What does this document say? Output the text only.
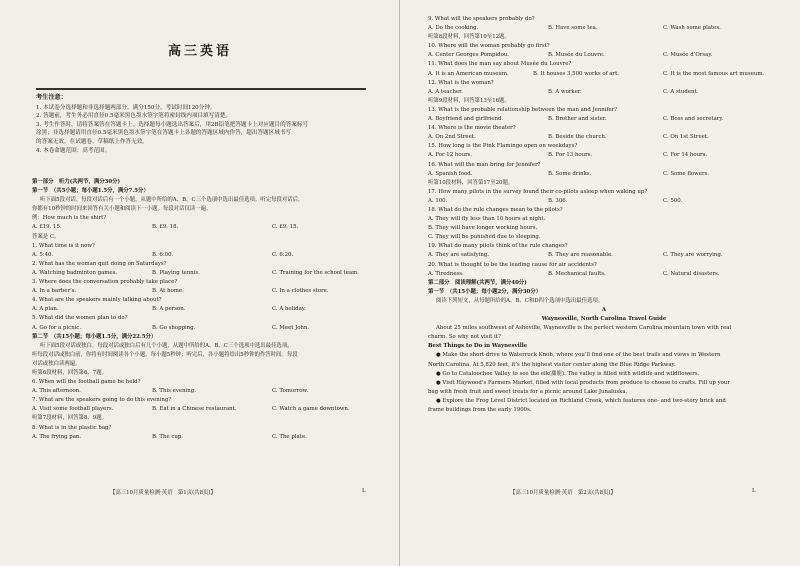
高三英语
考生注意：

1. 本试卷分选择题和非选择题两部分。满分150分，考试时间120分钟。

2. 答题前，考生务必用直径0.5毫米黑色墨水签字笔将密封线内项目填写清楚。

3. 考生作答时，请将答案答在答题卡上。选择题每小题选出答案后，用2B铅笔把答题卡上对应题目的答案标号

涂黑；非选择题请用直径0.5毫米黑色墨水签字笔在答题卡上各题的答题区域内作答，超出答题区域书写

的答案无效，在试题卷、草稿纸上作答无效。

4. 本卷命题范围：高考范围。

第一部分　听力(共两节，满分30分)

第一节　（共5小题；每小题1.5分，满分7.5分）

听下面5段对话。每段对话后有一个小题，从题中所给的A、B、C三个选项中选出最佳选项。听完每段对话后，

你都有10秒钟的时间来回答有关小题和阅读下一小题。每段对话仅读一遍。

例：How much is the shirt?

A. £19. 15.	B. £9. 18.	C. £9. 15.

答案是 C。

1. What time is it now?

A. 5:40.	B. 6:00.	C. 6:20.

2. What has the woman quit doing on Saturdays?

A. Watching badminton games.	B. Playing tennis.	C. Training for the school team.

3. Where does the conversation probably take place?

A. In a barber’s.	B. At home.	C. In a clothes store.

4. What are the speakers mainly talking about?

A. A plan.	B. A person.	C. A holiday.

5. What did the women plan to do?

A. Go for a picnic.	B. Go shopping.	C. Meet John.

第二节　（共15小题；每小题1.5分，满分22.5分）

听下面5段对话或独白。每段对话或独白后有几个小题，从题中所给的A、B、C三个选项中选出最佳选项。

听每段对话或独白前，你将有时间阅读各个小题，每小题5秒钟；听完后，各小题将给出5秒钟的作答时间。每段

对话或独白读两遍。

听第6段材料，回答第6、7题。

6. When will the football game be held?

A. This afternoon.	B. This evening.	C. Tomorrow.

7. What are the speakers going to do this evening?

A. Visit some football players.	B. Eat in a Chinese restaurant.	C. Watch a game downtown.

听第7段材料，回答第8、9题。

8. What is in the plastic bag?

A. The frying pan.	B. The cup.	C. The plate.
【高三10月质量检测·英语　第1页(共8页)】	L

9. What will the speakers probably do?

A. Do the cooking.	B. Have some tea.	C. Wash some plates.

听第8段材料，回答第10至12题。

10. Where will the woman probably go first?

A. Center Georges Pompidou.	B. Musée du Louvre.	C. Musée d’Orsay.

11. What does the man say about Musée du Louvre?

A. It is an American museum.	B. It houses 3,500 works of art.	C. It is the most famous art museum.

12. What is the woman?

A. A teacher.	B. A worker.	C. A student.

听第9段材料，回答第13至16题。

13. What is the probable relationship between the man and Jennifer?

A. Boyfriend and girlfriend.	B. Brother and sister.	C. Boss and secretary.

14. Where is the movie theater?

A. On 2nd Street.	B. Beside the church.	C. On 1st Street.

15. How long is the Pink Flamingo open on weekdays?

A. For 12 hours.	B. For 13 hours.	C. For 14 hours.

16. What will the man bring for Jennifer?

A. Spanish food.	B. Some drinks.	C. Some flowers.

听第10段材料，回答第17至20题。

17. How many pilots in the survey found their co-pilots asleep when waking up?

A. 100.	B. 306.	C. 500.

18. What do the rule changes mean to the pilots?

A. They will fly less than 10 hours at night.

B. They will have longer working hours.

C. They will be punished due to sleeping.

19. What do many pilots think of the rule changes?

A. They are satisfying.	B. They are reasonable.	C. They are worrying.

20. What is thought to be the leading cause for air accidents?

A. Tiredness.	B. Mechanical faults.	C. Natural disasters.

第二部分　阅读理解(共两节，满分40分)

第一节　（共15小题；每小题2分，满分30分）

阅读下列短文，从每题所给的A、B、C和D四个选项中选出最佳选项。

A

Waynesville, North Carolina Travel Guide

About 25 miles southwest of Asheville, Waynesville is the perfect western Carolina mountain town with real

charm. So why not visit it?

Best Things to Do in Waynesville

● Make the short drive to Waterrock Knob, where you’ll find one of the best trails and views in Western

North Carolina. At 5,820 feet, it’s the highest visitor center along the Blue Ridge Parkway.

● Go to Cataloochee Valley to see the elk(麋鹿). The valley is filled with wildlife and wildflowers.

● Visit Haywood’s Farmers Market, filled with local products from produce to choose to crafts. Fill up your

bag with fresh fruit and sweet treats for a picnic around Lake Junaluska.

● Explore the Frog Level District located on Richland Creek, which features one- and two-story brick and

frame buildings from the early 1900s.

【高三10月质量检测·英语　第2页(共8页)】	L
